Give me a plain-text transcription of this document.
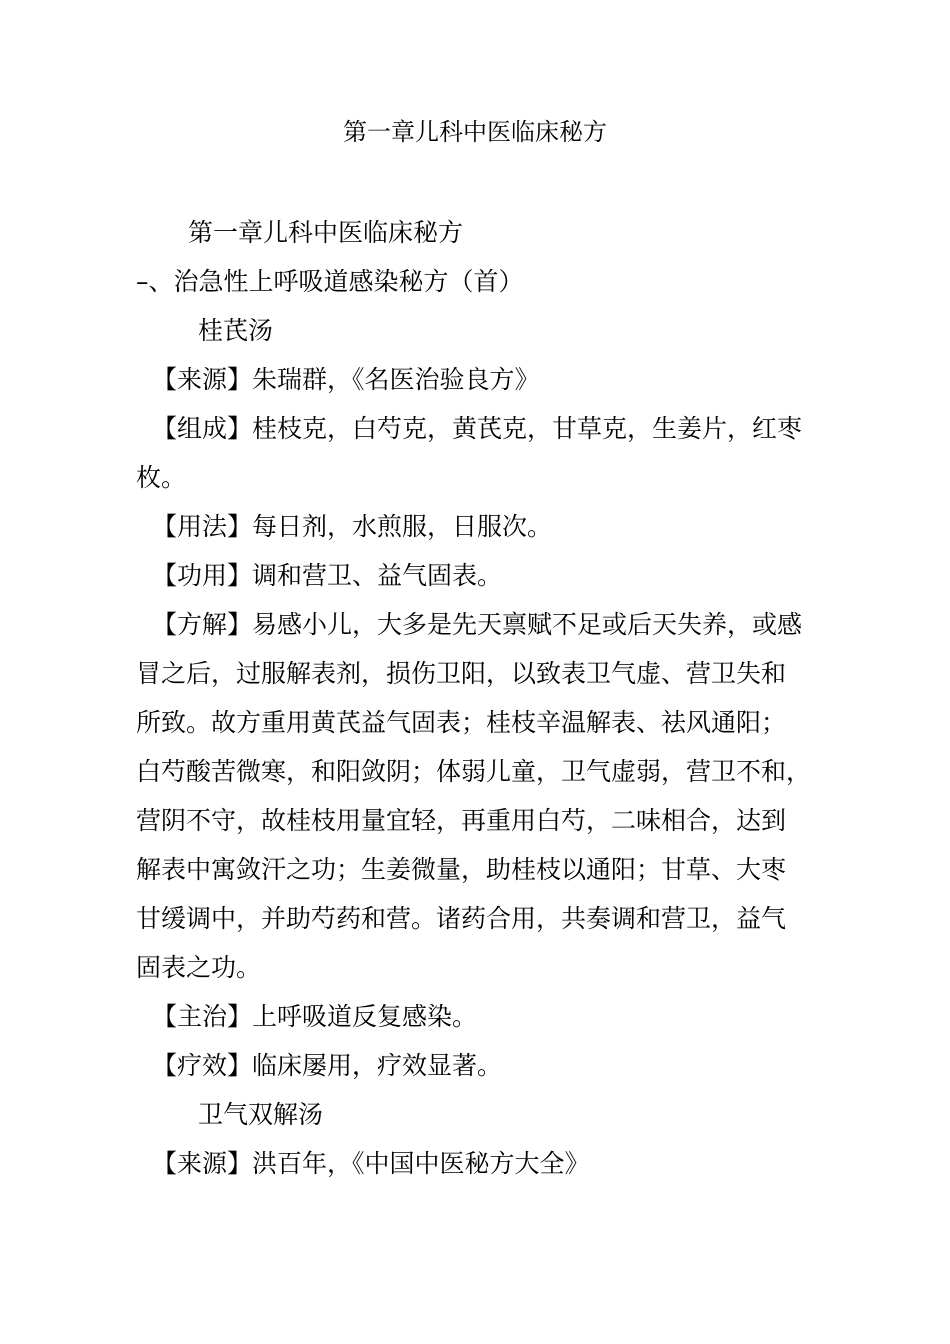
第一章儿科中医临床秘方
第一章儿科中医临床秘方
–、治急性上呼吸道感染秘方（首）
桂芪汤
【来源】朱瑞群，《名医治验良方》
【组成】桂枝克，白芍克，黄芪克，甘草克，生姜片，红枣
枚。
【用法】每日剂，水煎服，日服次。
【功用】调和营卫、益气固表。
【方解】易感小儿，大多是先天禀赋不足或后天失养，或感
冒之后，过服解表剂，损伤卫阳，以致表卫气虚、营卫失和
所致。故方重用黄芪益气固表；桂枝辛温解表、祛风通阳；
白芍酸苦微寒，和阳敛阴；体弱儿童，卫气虚弱，营卫不和，
营阴不守，故桂枝用量宜轻，再重用白芍，二味相合，达到
解表中寓敛汗之功；生姜微量，助桂枝以通阳；甘草、大枣
甘缓调中，并助芍药和营。诸药合用，共奏调和营卫，益气
固表之功。
【主治】上呼吸道反复感染。
【疗效】临床屡用，疗效显著。
卫气双解汤
【来源】洪百年，《中国中医秘方大全》
